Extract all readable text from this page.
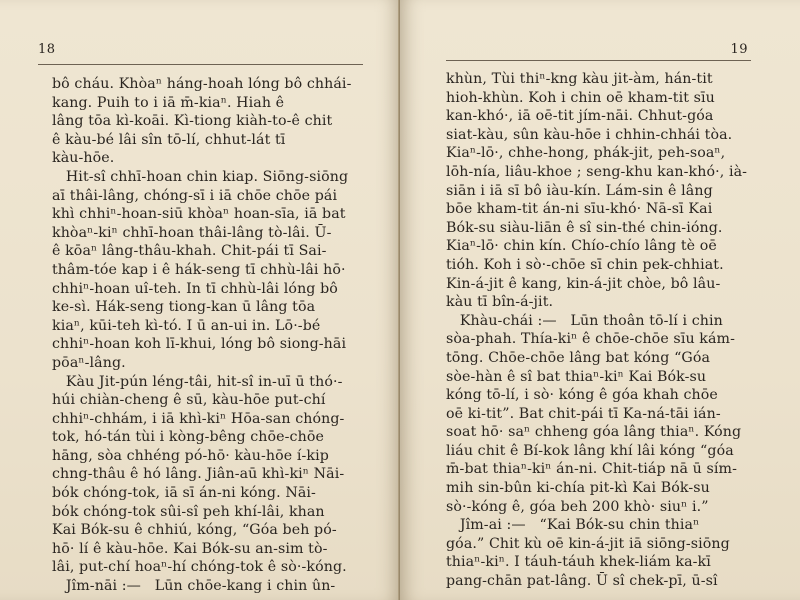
18
bô cháu. Khòaⁿ háng-hoah lóng bô chhái-
kang. Puih to i iā m̄-kiaⁿ. Hiah ê
lâng tōa kì-koāi. Kì-tiong kiàh-to-ê chit
ê kàu-bé lâi sîn tō-lí, chhut-lát tī
kàu-hōe.
Hit-sî chhī-hoan chin kiap. Siōng-siōng
aī thâi-lâng, chóng-sī i iā chōe chōe pái
khì chhiⁿ-hoan-siū khòaⁿ hoan-sīa, iā bat
khòaⁿ-kiⁿ chhī-hoan thâi-lâng tò-lâi. Ū-
ê kōaⁿ lâng-thâu-khah. Chit-pái tī Sai-
thâm-tóe kap i ê hák-seng tī chhù-lâi hō·
chhiⁿ-hoan uî-teh. In tī chhù-lâi lóng bô
ke-sì. Hák-seng tiong-kan ū lâng tōa
kiaⁿ, kūi-teh kì-tó. I ū an-ui in. Lō·-bé
chhiⁿ-hoan koh lī-khui, lóng bô siong-hāi
pōaⁿ-lâng.
Kàu Jit-pún léng-tâi, hit-sî in-uī ū thó·-
húi chiàn-cheng ê sū, kàu-hōe put-chí
chhiⁿ-chhám, i iā khì-kiⁿ Hōa-san chóng-
tok, hó-tán tùi i kòng-bêng chōe-chōe
hāng, sòa chhéng pó-hō· kàu-hōe í-kip
chng-thâu ê hó lâng. Jiân-aū khì-kiⁿ Nāi-
bók chóng-tok, iā sī án-ni kóng. Nāi-
bók chóng-tok sûi-sî peh khí-lâi, khan
Kai Bók-su ê chhiú, kóng, “Góa beh pó-
hō· lí ê kàu-hōe. Kai Bók-su an-sim tò-
lâi, put-chí hoaⁿ-hí chóng-tok ê sò·-kóng.
Jîm-nāi :—   Lūn chōe-kang i chin ûn-
19
khùn, Tùi thiⁿ-kng kàu jit-àm, hán-tit
hioh-khùn. Koh i chin oē kham-tit sīu
kan-khó·, iā oē-tit jím-nāi. Chhut-góa
siat-kàu, sûn kàu-hōe i chhin-chhái tòa.
Kiaⁿ-lō·, chhe-hong, phák-jit, peh-soaⁿ,
lōh-nía, liâu-khoe ; seng-khu kan-khó·, ià-
siān i iā sī bô iàu-kín. Lám-sin ê lâng
bōe kham-tit án-ni sīu-khó· Nā-sī Kai
Bók-su siàu-liān ê sî sin-thé chin-ióng.
Kiaⁿ-lō· chin kín. Chío-chío lâng tè oē
tióh. Koh i sò·-chōe sī chin pek-chhiat.
Kin-á-jit ê kang, kin-á-jit chòe, bô lâu-
kàu tī bîn-á-jit.
Khàu-chái :—   Lūn thoân tō-lí i chin
sòa-phah. Thía-kiⁿ ê chōe-chōe sīu kám-
tōng. Chōe-chōe lâng bat kóng “Góa
sòe-hàn ê sî bat thiaⁿ-kiⁿ Kai Bók-su
kóng tō-lí, i sò· kóng ê góa khah chōe
oē ki-tit”. Bat chit-pái tī Ka-ná-tāi ián-
soat hō· saⁿ chheng góa lâng thiaⁿ. Kóng
liáu chit ê Bí-kok lâng khí lâi kóng “góa
m̄-bat thiaⁿ-kiⁿ án-ni. Chit-tiáp nā ū sím-
mih sin-bûn ki-chía pit-kì Kai Bók-su
sò·-kóng ê, góa beh 200 khò· siuⁿ i.”
Jîm-ai :—   “Kai Bók-su chin thiaⁿ
góa.” Chit kù oē kin-á-jit iā siōng-siōng
thiaⁿ-kiⁿ. I táuh-táuh khek-liám ka-kī
pang-chān pat-lâng. Ū sî chek-pī, ū-sî
